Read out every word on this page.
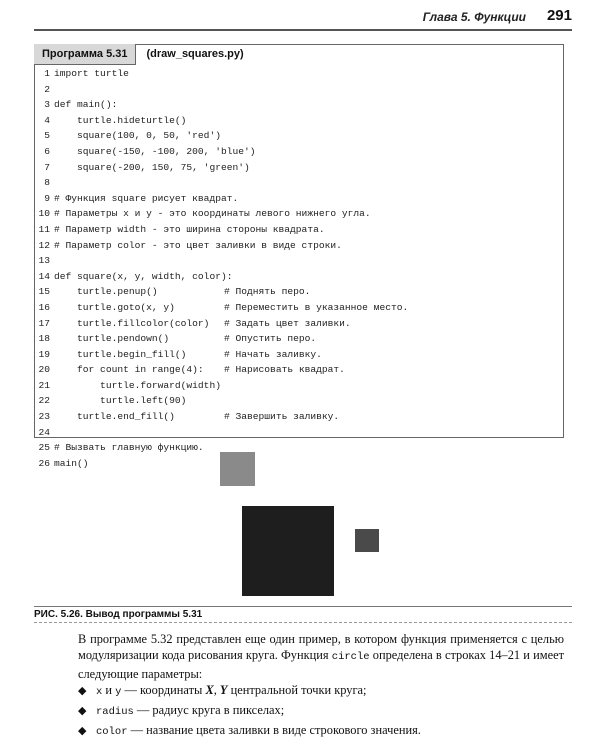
Глава 5. Функции 291
Программа 5.31	(draw_squares.py)
1 import turtle
2
3 def main():
4    turtle.hideturtle()
5    square(100, 0, 50, 'red')
6    square(-150, -100, 200, 'blue')
7    square(-200, 150, 75, 'green')
8
9 # Функция square рисует квадрат.
10 # Параметры x и y - это координаты левого нижнего угла.
11 # Параметр width - это ширина стороны квадрата.
12 # Параметр color - это цвет заливки в виде строки.
13
14 def square(x, y, width, color):
15    turtle.penup()	# Поднять перо.
16    turtle.goto(x, y)	# Переместить в указанное место.
17    turtle.fillcolor(color) # Задать цвет заливки.
18    turtle.pendown()	# Опустить перо.
19    turtle.begin_fill()	# Начать заливку.
20    for count in range(4): # Нарисовать квадрат.
21        turtle.forward(width)
22        turtle.left(90)
23    turtle.end_fill()	# Завершить заливку.
24
25 # Вызвать главную функцию.
26 main()
РИС. 5.26. Вывод программы 5.31
В программе 5.32 представлен еще один пример, в котором функция применяется с целью модуляризации кода рисования круга. Функция circle определена в строках 14–21 и имеет следующие параметры:
◆ x и y — координаты X, Y центральной точки круга;
◆ radius — радиус круга в пикселах;
◆ color — название цвета заливки в виде строкового значения.
